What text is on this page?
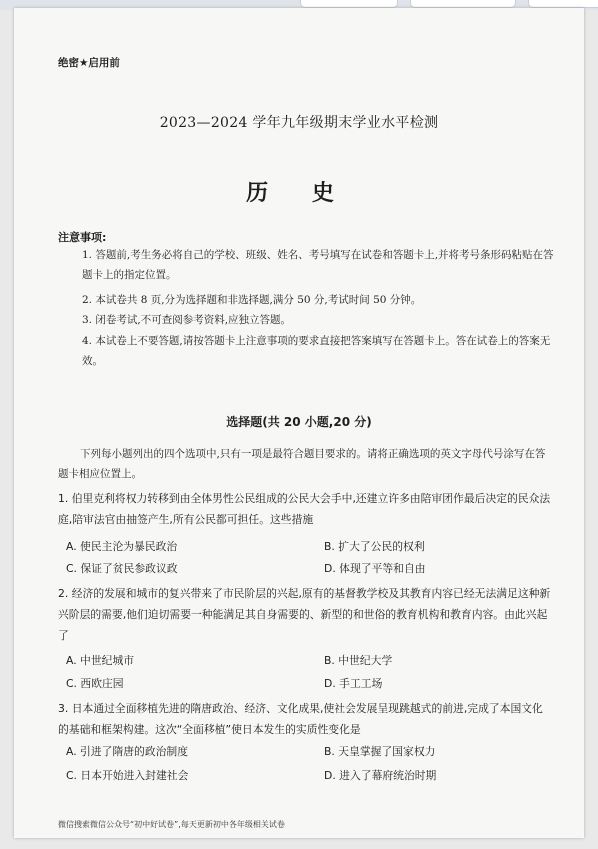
绝密★启用前
2023—2024 学年九年级期末学业水平检测
历 史
注意事项:
1. 答题前,考生务必将自己的学校、班级、姓名、考号填写在试卷和答题卡上,并将考号条形码粘贴在答题卡上的指定位置。
2. 本试卷共 8 页,分为选择题和非选择题,满分 50 分,考试时间 50 分钟。
3. 闭卷考试,不可查阅参考资料,应独立答题。
4. 本试卷上不要答题,请按答题卡上注意事项的要求直接把答案填写在答题卡上。答在试卷上的答案无效。
选择题(共 20 小题,20 分)
下列每小题列出的四个选项中,只有一项是最符合题目要求的。请将正确选项的英文字母代号涂写在答题卡相应位置上。
1. 伯里克利将权力转移到由全体男性公民组成的公民大会手中,还建立许多由陪审团作最后决定的民众法庭,陪审法官由抽签产生,所有公民都可担任。这些措施
A. 使民主沦为暴民政治	B. 扩大了公民的权利
C. 保证了贫民参政议政	D. 体现了平等和自由
2. 经济的发展和城市的复兴带来了市民阶层的兴起,原有的基督教学校及其教育内容已经无法满足这种新兴阶层的需要,他们迫切需要一种能满足其自身需要的、新型的和世俗的教育机构和教育内容。由此兴起了
A. 中世纪城市	B. 中世纪大学
C. 西欧庄园	D. 手工工场
3. 日本通过全面移植先进的隋唐政治、经济、文化成果,使社会发展呈现跳越式的前进,完成了本国文化的基础和框架构建。这次“全面移植”使日本发生的实质性变化是
A. 引进了隋唐的政治制度	B. 天皇掌握了国家权力
C. 日本开始进入封建社会	D. 进入了幕府统治时期
微信搜索微信公众号“初中好试卷”,每天更新初中各年级相关试卷
